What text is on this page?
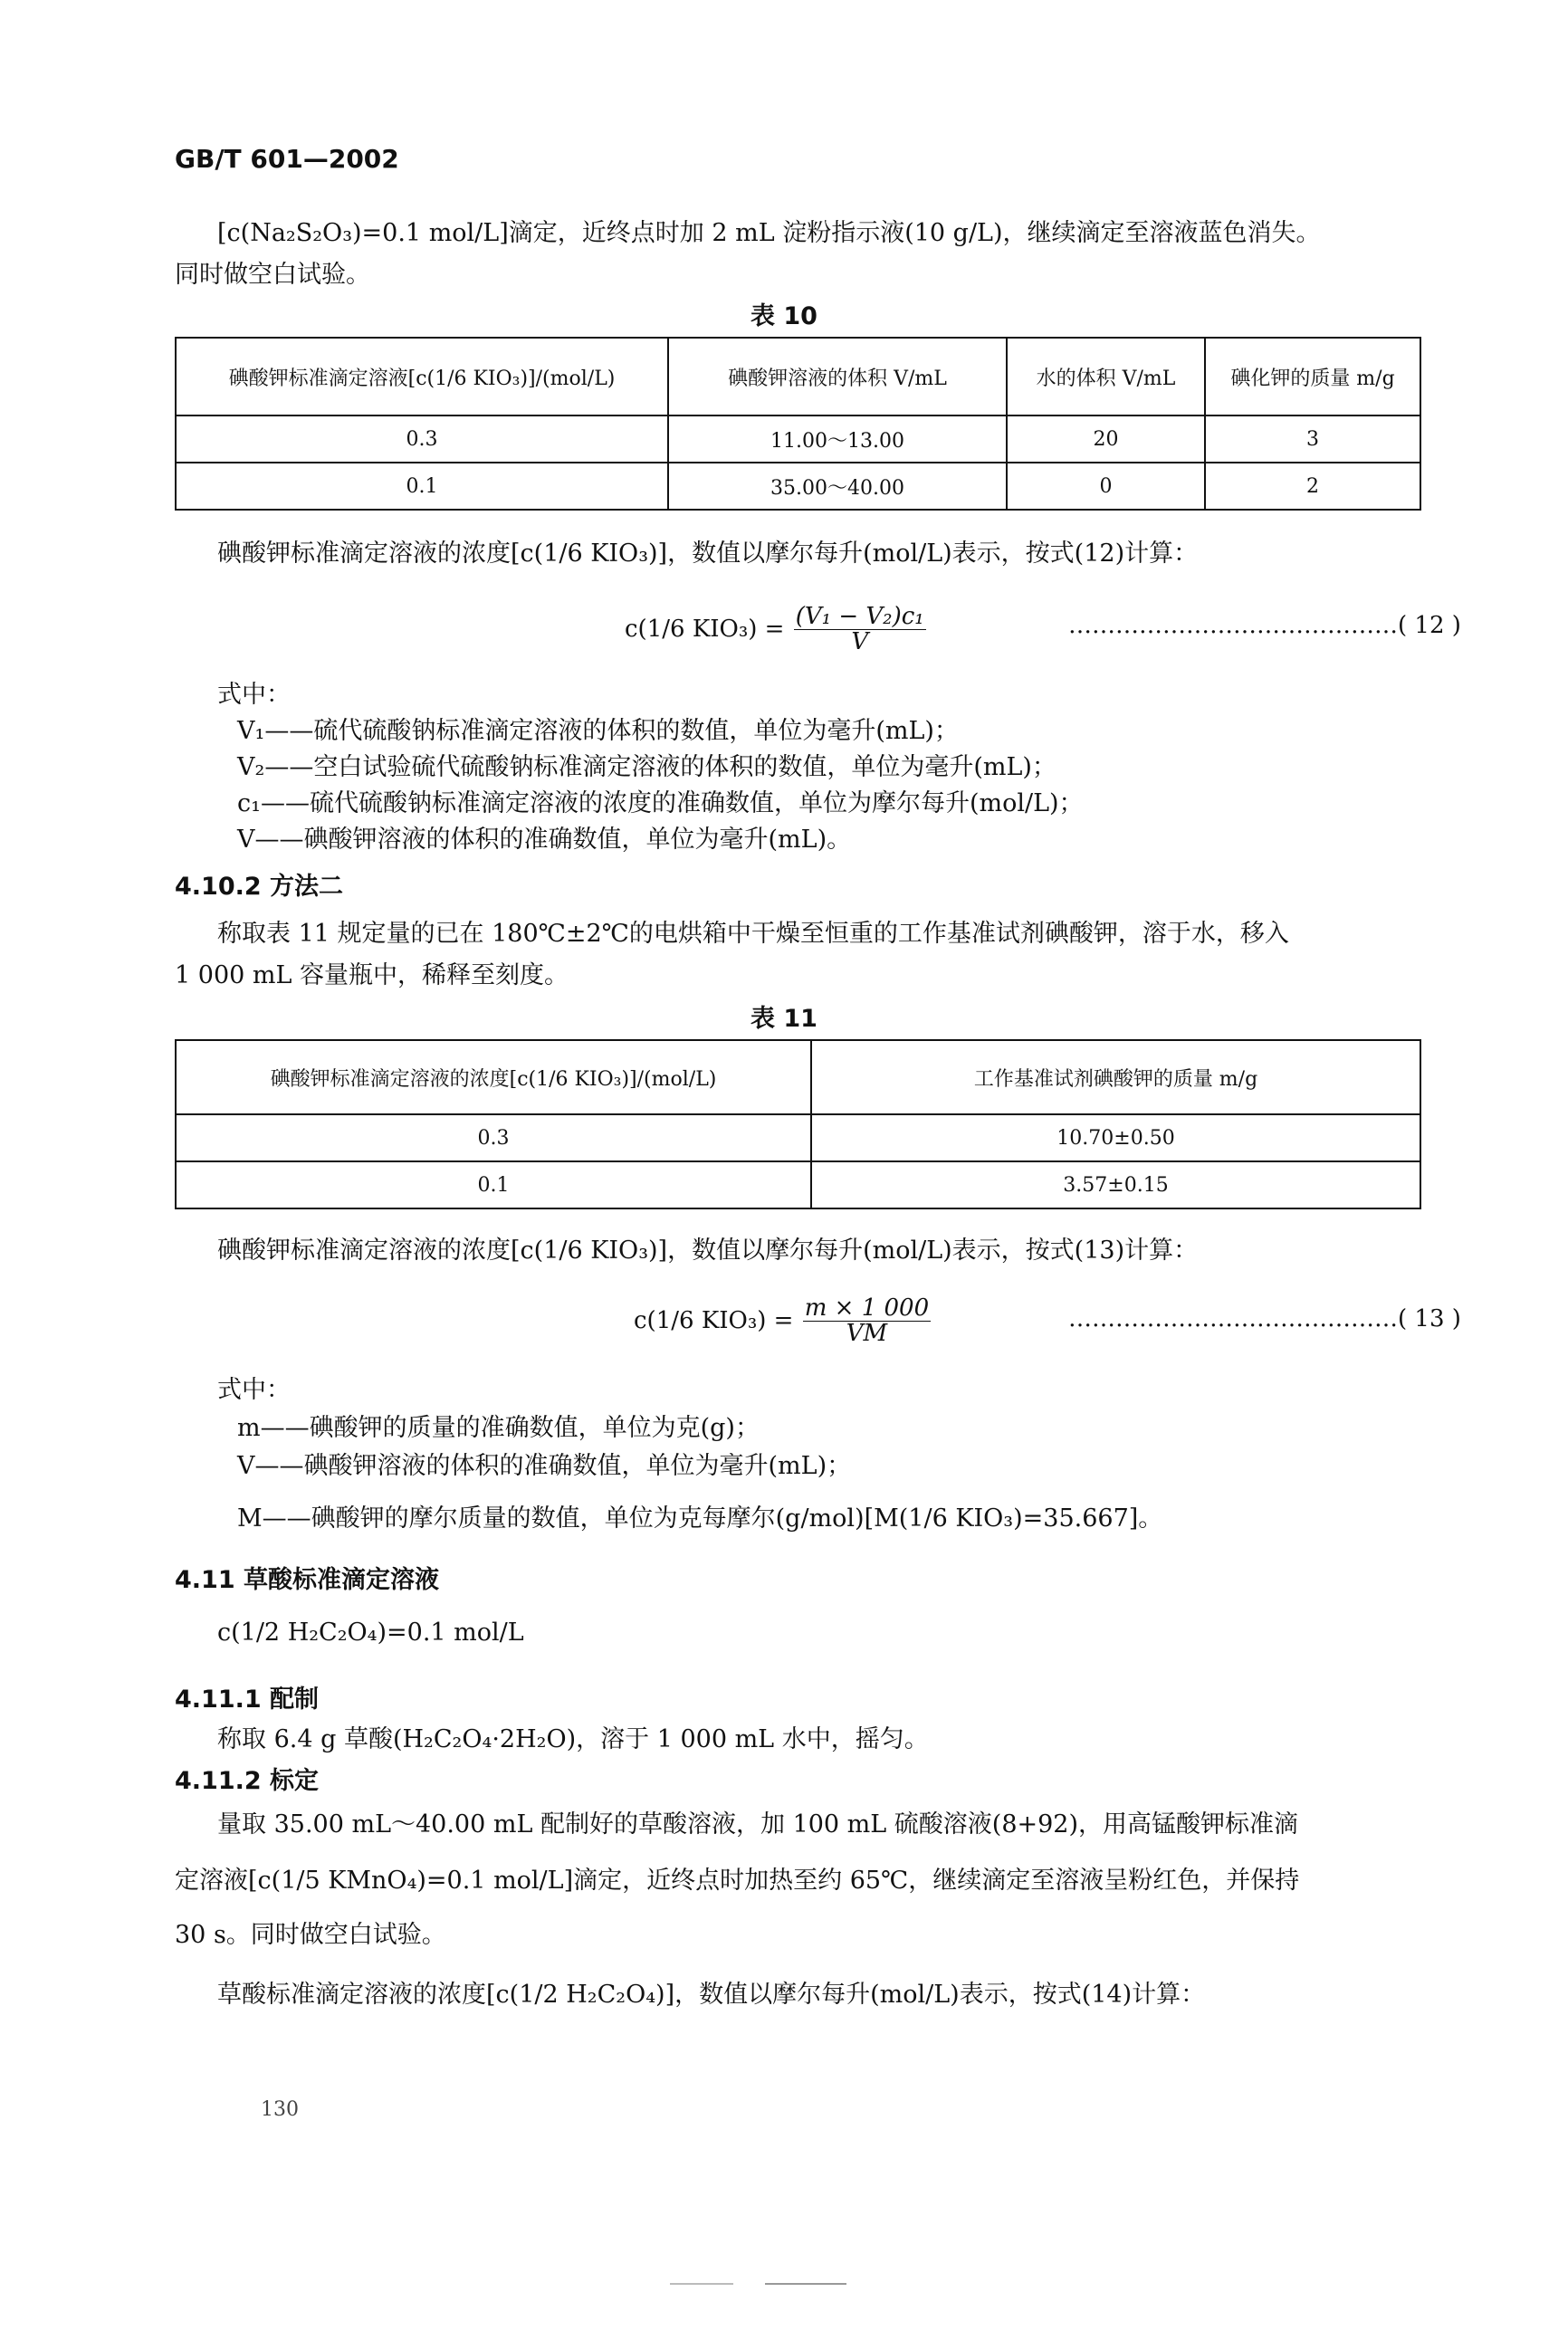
GB/T 601—2002
[c(Na₂S₂O₃)=0.1 mol/L]滴定，近终点时加 2 mL 淀粉指示液(10 g/L)，继续滴定至溶液蓝色消失。
同时做空白试验。
表 10
碘酸钾标准滴定溶液[c(1/6 KIO₃)]/(mol/L)	碘酸钾溶液的体积 V/mL	水的体积 V/mL	碘化钾的质量 m/g
0.3	11.00～13.00	20	3
0.1	35.00～40.00	0	2
碘酸钾标准滴定溶液的浓度[c(1/6 KIO₃)]，数值以摩尔每升(mol/L)表示，按式(12)计算：
c(1/6 $KIO_3) = \frac{\text{(V₁ − V₂)c₁}}{V}$	……………………………………( 12 )
式中：
V₁——硫代硫酸钠标准滴定溶液的体积的数值，单位为毫升(mL)；
V₂——空白试验硫代硫酸钠标准滴定溶液的体积的数值，单位为毫升(mL)；
c₁——硫代硫酸钠标准滴定溶液的浓度的准确数值，单位为摩尔每升(mol/L)；
V——碘酸钾溶液的体积的准确数值，单位为毫升(mL)。
4.10.2 方法二
称取表 11 规定量的已在 180℃±2℃的电烘箱中干燥至恒重的工作基准试剂碘酸钾，溶于水，移入
1 000 mL 容量瓶中，稀释至刻度。
表 11
碘酸钾标准滴定溶液的浓度[c(1/6 KIO₃)]/(mol/L)	工作基准试剂碘酸钾的质量 m/g
0.3	10.70±0.50
0.1	3.57±0.15
碘酸钾标准滴定溶液的浓度[c(1/6 KIO₃)]，数值以摩尔每升(mol/L)表示，按式(13)计算：
c(1/6 $KIO_3) = \frac{m \times 1 000}{VM}$	……………………………………( 13 )
式中：
m——碘酸钾的质量的准确数值，单位为克(g)；
V——碘酸钾溶液的体积的准确数值，单位为毫升(mL)；
M——碘酸钾的摩尔质量的数值，单位为克每摩尔(g/mol)[M(1/6 KIO₃)=35.667]。
4.11 草酸标准滴定溶液
c(1/2 H₂C₂O₄)=0.1 mol/L
4.11.1 配制
称取 6.4 g 草酸(H₂C₂O₄·2H₂O)，溶于 1 000 mL 水中，摇匀。
4.11.2 标定
量取 35.00 mL～40.00 mL 配制好的草酸溶液，加 100 mL 硫酸溶液(8+92)，用高锰酸钾标准滴
定溶液[c(1/5 KMnO₄)=0.1 mol/L]滴定，近终点时加热至约 65℃，继续滴定至溶液呈粉红色，并保持
30 s。同时做空白试验。
草酸标准滴定溶液的浓度[c(1/2 H₂C₂O₄)]，数值以摩尔每升(mol/L)表示，按式(14)计算：
130
